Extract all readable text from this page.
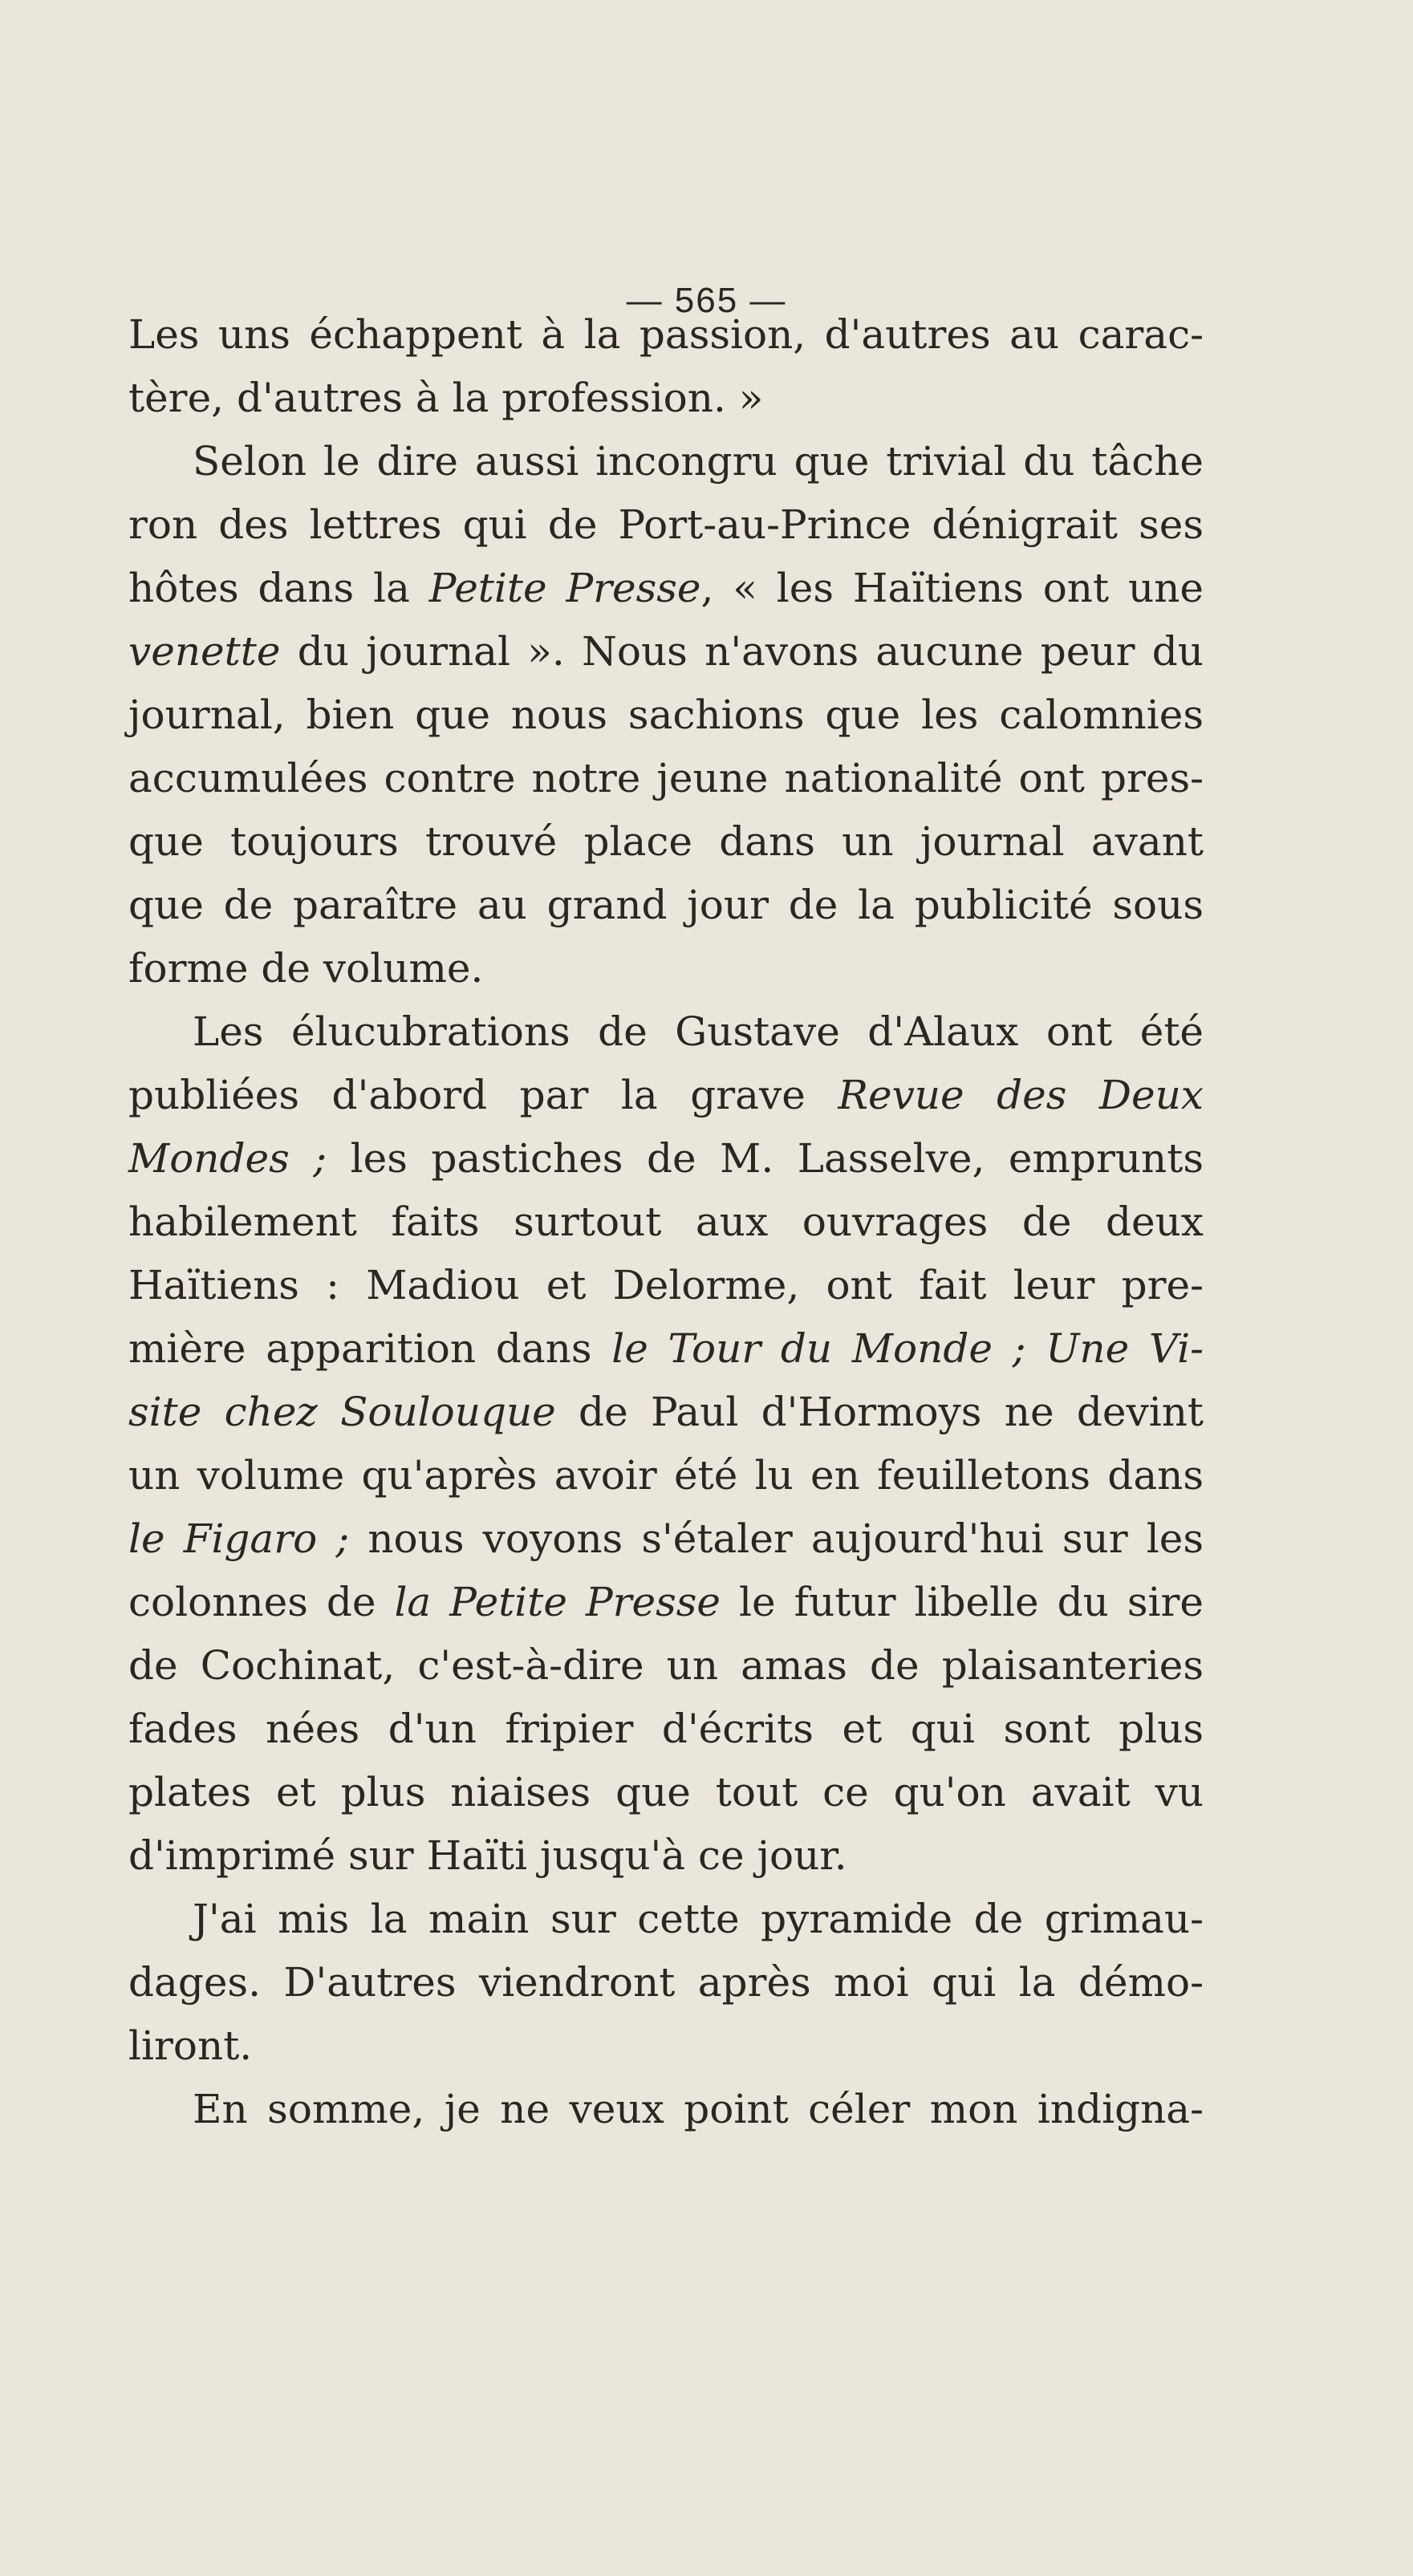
— 565 —

Les uns échappent à la passion, d'autres au carac-

tère, d'autres à la profession. »

Selon le dire aussi incongru que trivial du tâche

ron des lettres qui de Port-au-Prince dénigrait ses

hôtes dans la Petite Presse, « les Haïtiens ont une

venette du journal ». Nous n'avons aucune peur du

journal, bien que nous sachions que les calomnies

accumulées contre notre jeune nationalité ont pres-

que toujours trouvé place dans un journal avant

que de paraître au grand jour de la publicité sous

forme de volume.

Les élucubrations de Gustave d'Alaux ont été

publiées d'abord par la grave Revue des Deux

Mondes ; les pastiches de M. Lasselve, emprunts

habilement faits surtout aux ouvrages de deux

Haïtiens : Madiou et Delorme, ont fait leur pre-

mière apparition dans le Tour du Monde ; Une Vi-

site chez Soulouque de Paul d'Hormoys ne devint

un volume qu'après avoir été lu en feuilletons dans

le Figaro ; nous voyons s'étaler aujourd'hui sur les

colonnes de la Petite Presse le futur libelle du sire

de Cochinat, c'est-à-dire un amas de plaisanteries

fades nées d'un fripier d'écrits et qui sont plus

plates et plus niaises que tout ce qu'on avait vu

d'imprimé sur Haïti jusqu'à ce jour.

J'ai mis la main sur cette pyramide de grimau-

dages. D'autres viendront après moi qui la démo-

liront.

En somme, je ne veux point céler mon indigna-
